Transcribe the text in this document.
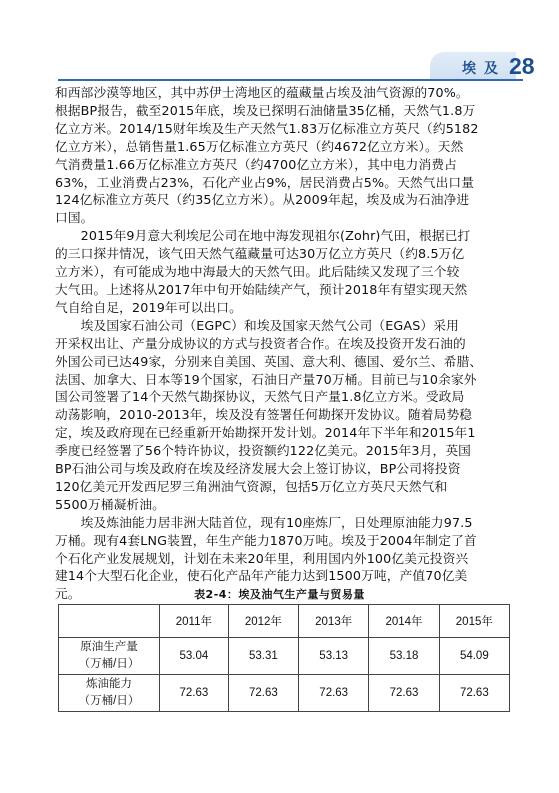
埃及 28
和西部沙漠等地区，其中苏伊士湾地区的蕴藏量占埃及油气资源的70%。
根据BP报告，截至2015年底，埃及已探明石油储量35亿桶，天然气1.8万
亿立方米。2014/15财年埃及生产天然气1.83万亿标准立方英尺（约5182
亿立方米），总销售量1.65万亿标准立方英尺（约4672亿立方米）。天然
气消费量1.66万亿标准立方英尺（约4700亿立方米），其中电力消费占
63%，工业消费占23%，石化产业占9%，居民消费占5%。天然气出口量
124亿标准立方英尺（约35亿立方米）。从2009年起，埃及成为石油净进
口国。
　　2015年9月意大利埃尼公司在地中海发现祖尔(Zohr)气田，根据已打
的三口探井情况，该气田天然气蕴藏量可达30万亿立方英尺（约8.5万亿
立方米），有可能成为地中海最大的天然气田。此后陆续又发现了三个较
大气田。上述将从2017年中旬开始陆续产气，预计2018年有望实现天然
气自给自足，2019年可以出口。
　　埃及国家石油公司（EGPC）和埃及国家天然气公司（EGAS）采用
开采权出让、产量分成协议的方式与投资者合作。在埃及投资开发石油的
外国公司已达49家，分别来自美国、英国、意大利、德国、爱尔兰、希腊、
法国、加拿大、日本等19个国家，石油日产量70万桶。目前已与10余家外
国公司签署了14个天然气勘探协议，天然气日产量1.8亿立方米。受政局
动荡影响，2010-2013年，埃及没有签署任何勘探开发协议。随着局势稳
定，埃及政府现在已经重新开始勘探开发计划。2014年下半年和2015年1
季度已经签署了56个特许协议，投资额约122亿美元。2015年3月，英国
BP石油公司与埃及政府在埃及经济发展大会上签订协议，BP公司将投资
120亿美元开发西尼罗三角洲油气资源，包括5万亿立方英尺天然气和
5500万桶凝析油。
　　埃及炼油能力居非洲大陆首位，现有10座炼厂，日处理原油能力97.5
万桶。现有4套LNG装置，年生产能力1870万吨。埃及于2004年制定了首
个石化产业发展规划，计划在未来20年里，利用国内外100亿美元投资兴
建14个大型石化企业，使石化产品年产能力达到1500万吨，产值70亿美
元。	表2-4：埃及油气生产量与贸易量
	2011年	2012年	2013年	2014年	2015年

原油生产量
（万桶/日）	53.04	53.31	53.13	53.18	54.09

炼油能力
（万桶/日）	72.63	72.63	72.63	72.63	72.63
